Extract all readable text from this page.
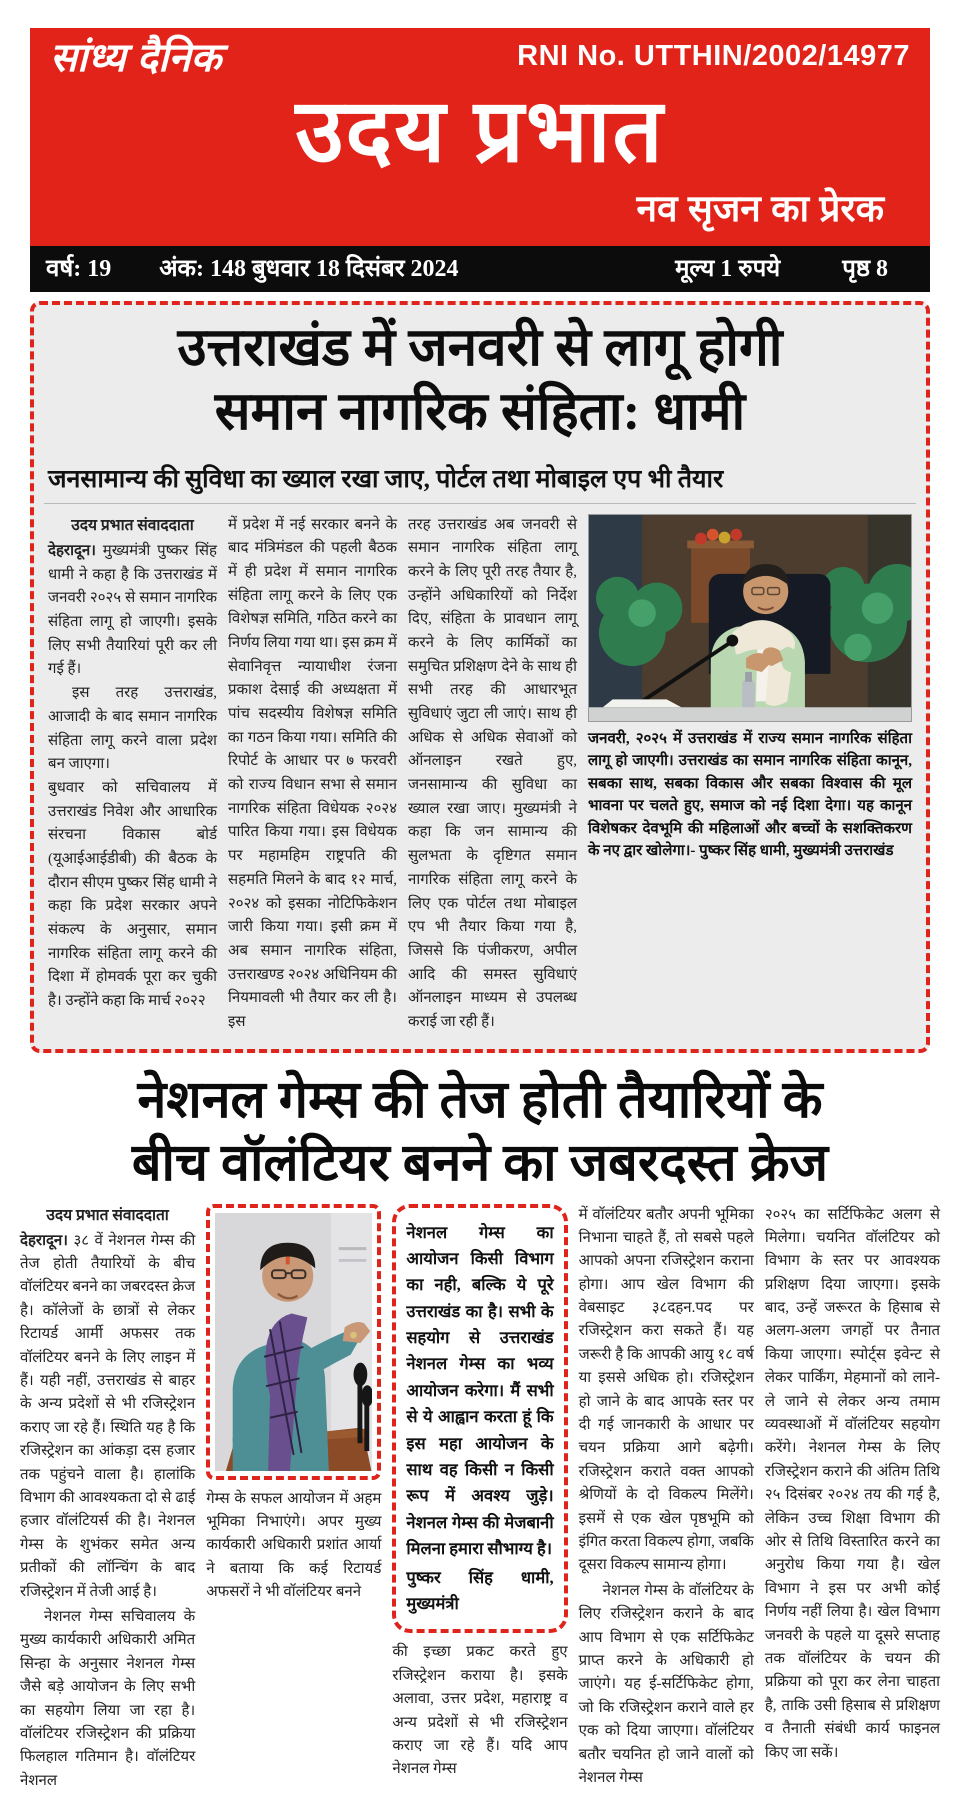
सांध्य दैनिक	RNI No. UTTHIN/2002/14977
उदय प्रभात
नव सृजन का प्रेरक
वर्ष: 19 अंक: 148 बुधवार 18 दिसंबर 2024	मूल्य 1 रुपये	पृष्ठ 8
उत्तराखंड में जनवरी से लागू होगी
समान नागरिक संहिता: धामी
जनसामान्य की सुविधा का ख्याल रखा जाए, पोर्टल तथा मोबाइल एप भी तैयार
उदय प्रभात संवाददाता

देहरादून। मुख्यमंत्री पुष्कर सिंह धामी ने कहा है कि उत्तराखंड में जनवरी २०२५ से समान नागरिक संहिता लागू हो जाएगी। इसके लिए सभी तैयारियां पूरी कर ली गई हैं।

इस तरह उत्तराखंड, आजादी के बाद समान नागरिक संहिता लागू करने वाला प्रदेश बन जाएगा।

बुधवार को सचिवालय में उत्तराखंड निवेश और आधारिक संरचना विकास बोर्ड (यूआईआईडीबी) की बैठक के दौरान सीएम पुष्कर सिंह धामी ने कहा कि प्रदेश सरकार अपने संकल्प के अनुसार, समान नागरिक संहिता लागू करने की दिशा में होमवर्क पूरा कर चुकी है। उन्होंने कहा कि मार्च २०२२

में प्रदेश में नई सरकार बनने के बाद मंत्रिमंडल की पहली बैठक में ही प्रदेश में समान नागरिक संहिता लागू करने के लिए एक विशेषज्ञ समिति, गठित करने का निर्णय लिया गया था। इस क्रम में सेवानिवृत्त न्यायाधीश रंजना प्रकाश देसाई की अध्यक्षता में पांच सदस्यीय विशेषज्ञ समिति का गठन किया गया। समिति की रिपोर्ट के आधार पर ७ फरवरी को राज्य विधान सभा से समान नागरिक संहिता विधेयक २०२४ पारित किया गया। इस विधेयक पर महामहिम राष्ट्रपति की सहमति मिलने के बाद १२ मार्च, २०२४ को इसका नोटिफिकेशन जारी किया गया। इसी क्रम में अब समान नागरिक संहिता, उत्तराखण्ड २०२४ अधिनियम की नियमावली भी तैयार कर ली है। इस

तरह उत्तराखंड अब जनवरी से समान नागरिक संहिता लागू करने के लिए पूरी तरह तैयार है, उन्होंने अधिकारियों को निर्देश दिए, संहिता के प्रावधान लागू करने के लिए कार्मिकों का समुचित प्रशिक्षण देने के साथ ही सभी तरह की आधारभूत सुविधाएं जुटा ली जाएं। साथ ही अधिक से अधिक सेवाओं को ऑनलाइन रखते हुए, जनसामान्य की सुविधा का ख्याल रखा जाए। मुख्यमंत्री ने कहा कि जन सामान्य की सुलभता के दृष्टिगत समान नागरिक संहिता लागू करने के लिए एक पोर्टल तथा मोबाइल एप भी तैयार किया गया है, जिससे कि पंजीकरण, अपील आदि की समस्त सुविधाएं ऑनलाइन माध्यम से उपलब्ध कराई जा रही हैं।

जनवरी, २०२५ में उत्तराखंड में राज्य समान नागरिक संहिता लागू हो जाएगी। उत्तराखंड का समान नागरिक संहिता कानून, सबका साथ, सबका विकास और सबका विश्वास की मूल भावना पर चलते हुए, समाज को नई दिशा देगा। यह कानून विशेषकर देवभूमि की महिलाओं और बच्चों के सशक्तिकरण के नए द्वार खोलेगा।- पुष्कर सिंह धामी, मुख्यमंत्री उत्तराखंड

नेशनल गेम्स की तेज होती तैयारियों के
बीच वॉलंटियर बनने का जबरदस्त क्रेज
उदय प्रभात संवाददाता

देहरादून। ३८ वें नेशनल गेम्स की तेज होती तैयारियों के बीच वॉलंटियर बनने का जबरदस्त क्रेज है। कॉलेजों के छात्रों से लेकर रिटायर्ड आर्मी अफसर तक वॉलंटियर बनने के लिए लाइन में हैं। यही नहीं, उत्तराखंड से बाहर के अन्य प्रदेशों से भी रजिस्ट्रेशन कराए जा रहे हैं। स्थिति यह है कि रजिस्ट्रेशन का आंकड़ा दस हजार तक पहुंचने वाला है। हालांकि विभाग की आवश्यकता दो से ढाई हजार वॉलंटियर्स की है। नेशनल गेम्स के शुभंकर समेत अन्य प्रतीकों की लॉन्चिंग के बाद रजिस्ट्रेशन में तेजी आई है।

नेशनल गेम्स सचिवालय के मुख्य कार्यकारी अधिकारी अमित सिन्हा के अनुसार नेशनल गेम्स जैसे बड़े आयोजन के लिए सभी का सहयोग लिया जा रहा है। वॉलंटियर रजिस्ट्रेशन की प्रक्रिया फिलहाल गतिमान है। वॉलंटियर नेशनल

गेम्स के सफल आयोजन में अहम भूमिका निभाएंगे। अपर मुख्य कार्यकारी अधिकारी प्रशांत आर्या ने बताया कि कई रिटायर्ड अफसरों ने भी वॉलंटियर बनने

नेशनल गेम्स का आयोजन किसी विभाग का नही, बल्कि ये पूरे उत्तराखंड का है। सभी के सहयोग से उत्तराखंड नेशनल गेम्स का भव्य आयोजन करेगा। मैं सभी से ये आह्वान करता हूं कि इस महा आयोजन के साथ वह किसी न किसी रूप में अवश्य जुड़े। नेशनल गेम्स की मेजबानी मिलना हमारा सौभाग्य है।

पुष्कर सिंह धामी, मुख्यमंत्री

की इच्छा प्रकट करते हुए रजिस्ट्रेशन कराया है। इसके अलावा, उत्तर प्रदेश, महाराष्ट्र व अन्य प्रदेशों से भी रजिस्ट्रेशन कराए जा रहे हैं। यदि आप नेशनल गेम्स

में वॉलंटियर बतौर अपनी भूमिका निभाना चाहते हैं, तो सबसे पहले आपको अपना रजिस्ट्रेशन कराना होगा। आप खेल विभाग की वेबसाइट ३८दहन.पद पर रजिस्ट्रेशन करा सकते हैं। यह जरूरी है कि आपकी आयु १८ वर्ष या इससे अधिक हो। रजिस्ट्रेशन हो जाने के बाद आपके स्तर पर दी गई जानकारी के आधार पर चयन प्रक्रिया आगे बढ़ेगी। रजिस्ट्रेशन कराते वक्त आपको श्रेणियों के दो विकल्प मिलेंगे। इसमें से एक खेल पृष्ठभूमि को इंगित करता विकल्प होगा, जबकि दूसरा विकल्प सामान्य होगा।

नेशनल गेम्स के वॉलंटियर के लिए रजिस्ट्रेशन कराने के बाद आप विभाग से एक सर्टिफिकेट प्राप्त करने के अधिकारी हो जाएंगे। यह ई-सर्टिफिकेट होगा, जो कि रजिस्ट्रेशन कराने वाले हर एक को दिया जाएगा। वॉलंटियर बतौर चयनित हो जाने वालों को नेशनल गेम्स

२०२५ का सर्टिफिकेट अलग से मिलेगा। चयनित वॉलंटियर को विभाग के स्तर पर आवश्यक प्रशिक्षण दिया जाएगा। इसके बाद, उन्हें जरूरत के हिसाब से अलग-अलग जगहों पर तैनात किया जाएगा। स्पोर्ट्स इवेन्ट से लेकर पार्किंग, मेहमानों को लाने-ले जाने से लेकर अन्य तमाम व्यवस्थाओं में वॉलंटियर सहयोग करेंगे। नेशनल गेम्स के लिए रजिस्ट्रेशन कराने की अंतिम तिथि २५ दिसंबर २०२४ तय की गई है, लेकिन उच्च शिक्षा विभाग की ओर से तिथि विस्तारित करने का अनुरोध किया गया है। खेल विभाग ने इस पर अभी कोई निर्णय नहीं लिया है। खेल विभाग जनवरी के पहले या दूसरे सप्ताह तक वॉलंटियर के चयन की प्रक्रिया को पूरा कर लेना चाहता है, ताकि उसी हिसाब से प्रशिक्षण व तैनाती संबंधी कार्य फाइनल किए जा सकें।
